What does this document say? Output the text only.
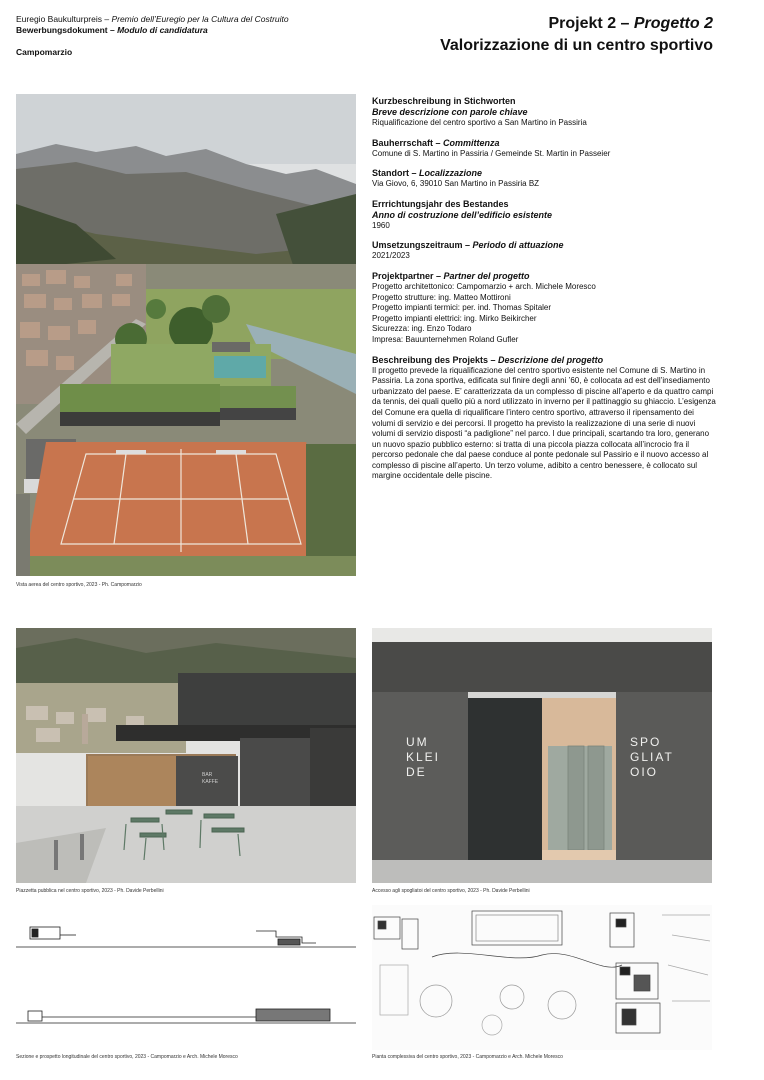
Euregio Baukulturpreis – Premio dell’Euregio per la Cultura del Costruito
Bewerbungsdokument – Modulo di candidatura
Campomarzio
Projekt 2 – Progetto 2
Valorizzazione di un centro sportivo
Vista aerea del centro sportivo, 2023 - Ph. Campomarzio
Kurzbeschreibung in Stichworten
Breve descrizione con parole chiave
Riqualificazione del centro sportivo a San Martino in Passiria
Bauherrschaft – Committenza
Comune di S. Martino in Passiria / Gemeinde St. Martin in Passeier
Standort – Localizzazione
Via Giovo, 6, 39010 San Martino in Passiria BZ
Errrichtungsjahr des Bestandes
Anno di costruzione dell’edificio esistente
1960
Umsetzungszeitraum – Periodo di attuazione
2021/2023
Projektpartner – Partner del progetto
Progetto architettonico: Campomarzio + arch. Michele Moresco
Progetto strutture: ing. Matteo Mottironi
Progetto impianti termici: per. ind. Thomas Spitaler
Progetto impianti elettrici: ing. Mirko Beikircher
Sicurezza: ing. Enzo Todaro
Impresa: Bauunternehmen Roland Gufler
Beschreibung des Projekts – Descrizione del progetto
Il progetto prevede la riqualificazione del centro sportivo esistente nel Comune di S. Martino in Passiria. La zona sportiva, edificata sul finire degli anni ’60, è collocata ad est dell’insediamento urbanizzato del paese. E’ caratterizzata da un complesso di piscine all’aperto e da quattro campi da tennis, dei quali quello più a nord utilizzato in inverno per il pattinaggio su ghiaccio. L’esigenza del Comune era quella di riqualificare l’intero centro sportivo, attraverso il ripensamento dei volumi di servizio e dei percorsi. Il progetto ha previsto la realizzazione di una serie di nuovi volumi di servizio disposti “a padiglione” nel parco. I due principali, scartando tra loro, generano un nuovo spazio pubblico esterno: si tratta di una piccola piazza collocata all’incrocio fra il percorso pedonale che dal paese conduce al ponte pedonale sul Passirio e il nuovo accesso al complesso di piscine all’aperto. Un terzo volume, adibito a centro benessere, è collocato sul margine occidentale delle piscine.
BAR
KAFFE
Piazzetta pubblica nel centro sportivo, 2023 - Ph. Davide Perbellini
UM
KLEI
DE
SPO
GLIAT
OIO
Accesso agli spogliatoi del centro sportivo, 2023 - Ph. Davide Perbellini
Sezione e prospetto longitudinale del centro sportivo, 2023 - Campomarzio e Arch. Michele Moresco	Pianta complessiva del centro sportivo, 2023 - Campomarzio e Arch. Michele Moresco
